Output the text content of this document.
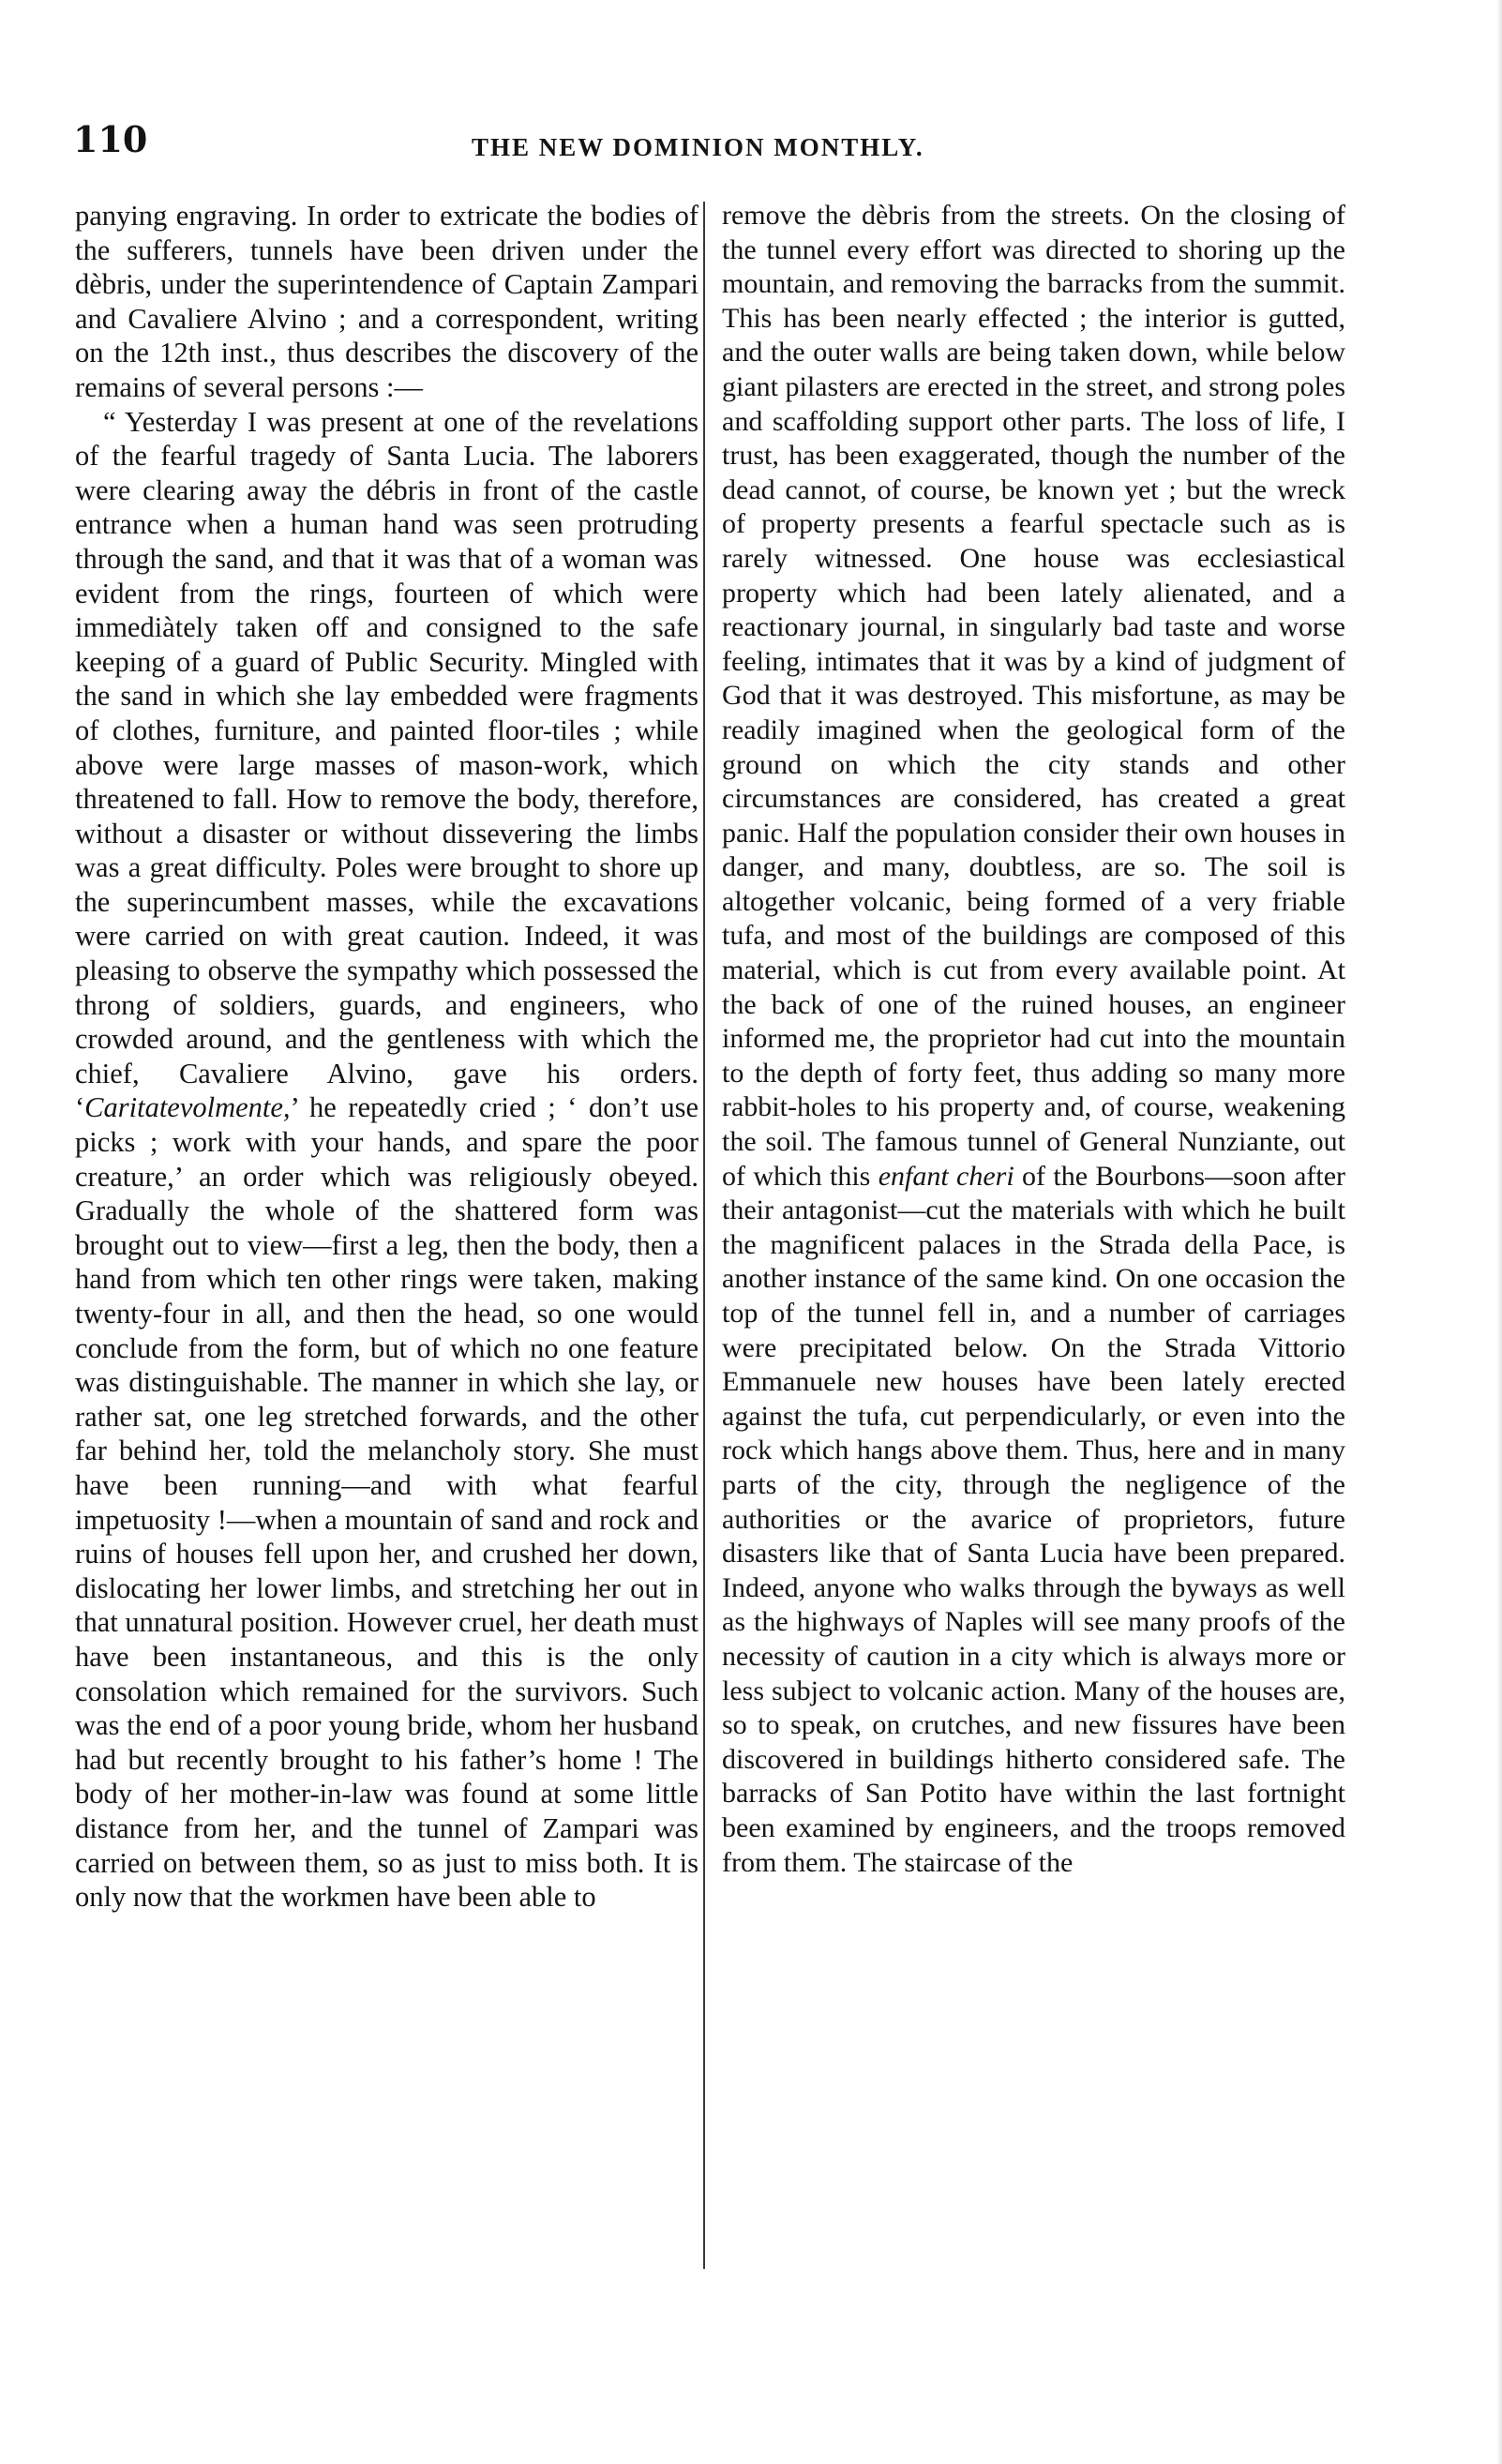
110	THE NEW DOMINION MONTHLY.

panying engraving. In order to extricate the bodies of the sufferers, tunnels have been driven under the dèbris, under the superintendence of Captain Zampari and Cavaliere Alvino ; and a correspondent, writing on the 12th inst., thus describes the discovery of the remains of several persons :—

“ Yesterday I was present at one of the revelations of the fearful tragedy of Santa Lucia. The laborers were clearing away the débris in front of the castle entrance when a human hand was seen protruding through the sand, and that it was that of a woman was evident from the rings, fourteen of which were immediàtely taken off and consigned to the safe keeping of a guard of Public Security. Mingled with the sand in which she lay embedded were fragments of clothes, furniture, and painted floor-tiles ; while above were large masses of mason-work, which threatened to fall. How to remove the body, therefore, without a disaster or without dissevering the limbs was a great difficulty. Poles were brought to shore up the superincumbent masses, while the excavations were carried on with great caution. Indeed, it was pleasing to observe the sympathy which possessed the throng of soldiers, guards, and engineers, who crowded around, and the gentleness with which the chief, Cavaliere Alvino, gave his orders. ‘Caritatevolmente,’ he repeatedly cried ; ‘ don’t use picks ; work with your hands, and spare the poor creature,’ an order which was religiously obeyed. Gradually the whole of the shattered form was brought out to view—first a leg, then the body, then a hand from which ten other rings were taken, making twenty-four in all, and then the head, so one would conclude from the form, but of which no one feature was distinguishable. The manner in which she lay, or rather sat, one leg stretched forwards, and the other far behind her, told the melancholy story. She must have been running—and with what fearful impetuosity !—when a mountain of sand and rock and ruins of houses fell upon her, and crushed her down, dislocating her lower limbs, and stretching her out in that unnatural position. However cruel, her death must have been instantaneous, and this is the only consolation which remained for the survivors. Such was the end of a poor young bride, whom her husband had but recently brought to his father’s home ! The body of her mother-in-law was found at some little distance from her, and the tunnel of Zampari was carried on between them, so as just to miss both. It is only now that the workmen have been able to

remove the dèbris from the streets. On the closing of the tunnel every effort was directed to shoring up the mountain, and removing the barracks from the summit. This has been nearly effected ; the interior is gutted, and the outer walls are being taken down, while below giant pilasters are erected in the street, and strong poles and scaffolding support other parts. The loss of life, I trust, has been exaggerated, though the number of the dead cannot, of course, be known yet ; but the wreck of property presents a fearful spectacle such as is rarely witnessed. One house was ecclesiastical property which had been lately alienated, and a reactionary journal, in singularly bad taste and worse feeling, intimates that it was by a kind of judgment of God that it was destroyed. This misfortune, as may be readily imagined when the geological form of the ground on which the city stands and other circumstances are considered, has created a great panic. Half the population consider their own houses in danger, and many, doubtless, are so. The soil is altogether volcanic, being formed of a very friable tufa, and most of the buildings are composed of this material, which is cut from every available point. At the back of one of the ruined houses, an engineer informed me, the proprietor had cut into the mountain to the depth of forty feet, thus adding so many more rabbit-holes to his property and, of course, weakening the soil. The famous tunnel of General Nunziante, out of which this enfant cheri of the Bourbons—soon after their antagonist—cut the materials with which he built the magnificent palaces in the Strada della Pace, is another instance of the same kind. On one occasion the top of the tunnel fell in, and a number of carriages were precipitated below. On the Strada Vittorio Emmanuele new houses have been lately erected against the tufa, cut perpendicularly, or even into the rock which hangs above them. Thus, here and in many parts of the city, through the negligence of the authorities or the avarice of proprietors, future disasters like that of Santa Lucia have been prepared. Indeed, anyone who walks through the byways as well as the highways of Naples will see many proofs of the necessity of caution in a city which is always more or less subject to volcanic action. Many of the houses are, so to speak, on crutches, and new fissures have been discovered in buildings hitherto considered safe. The barracks of San Potito have within the last fortnight been examined by engineers, and the troops removed from them. The staircase of the
